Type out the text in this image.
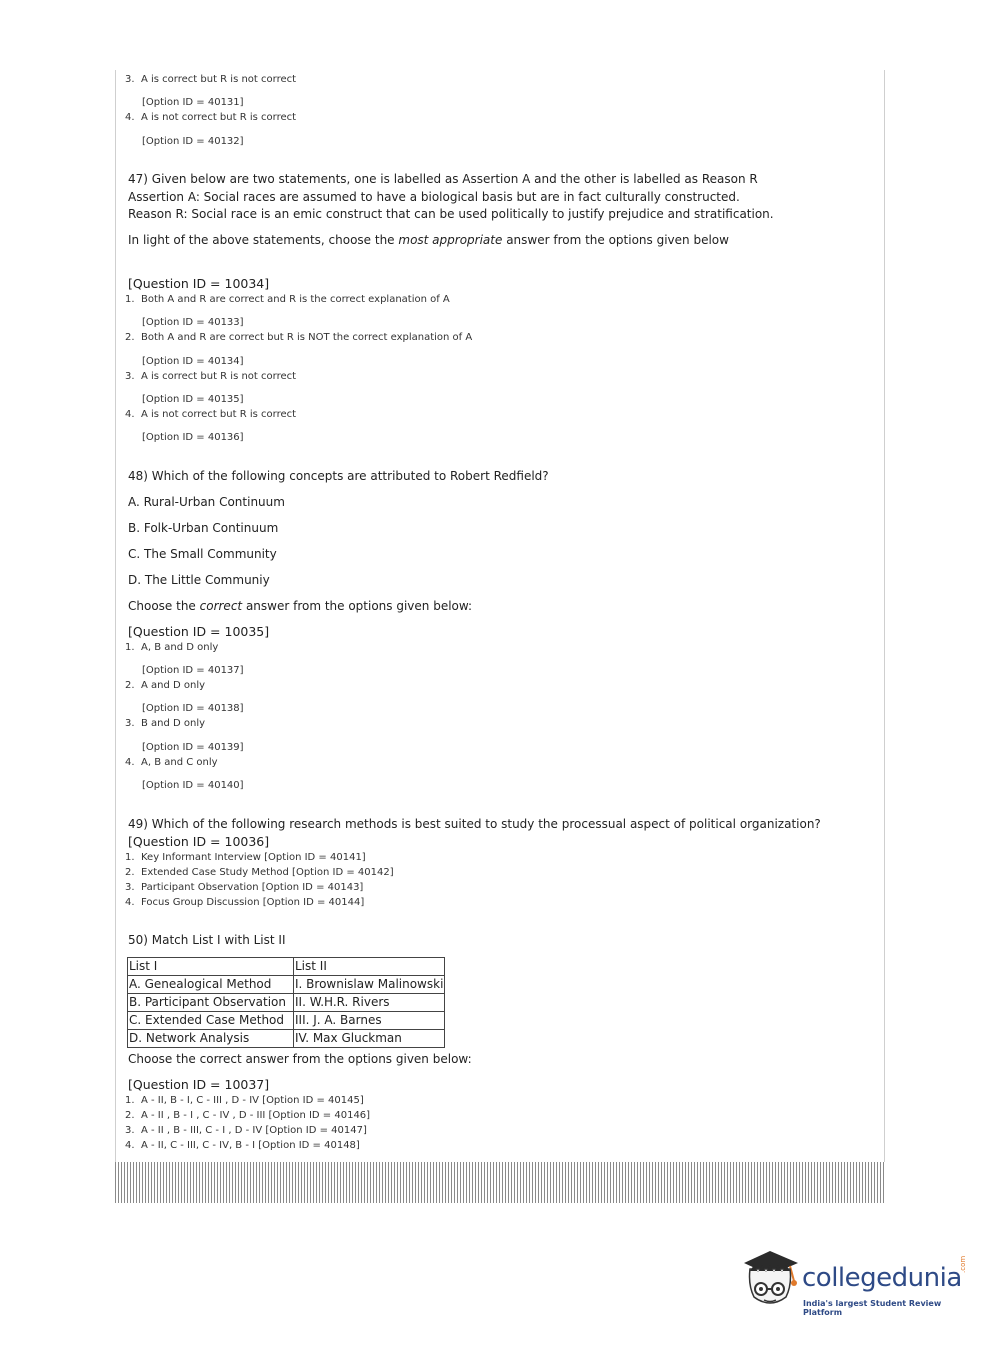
3. A is correct but R is not correct
[Option ID = 40131]
4. A is not correct but R is correct
[Option ID = 40132]
47) Given below are two statements, one is labelled as Assertion A and the other is labelled as Reason R
Assertion A: Social races are assumed to have a biological basis but are in fact culturally constructed.
Reason R: Social race is an emic construct that can be used politically to justify prejudice and stratification.
In light of the above statements, choose the most appropriate answer from the options given below
[Question ID = 10034]
1. Both A and R are correct and R is the correct explanation of A
[Option ID = 40133]
2. Both A and R are correct but R is NOT the correct explanation of A
[Option ID = 40134]
3. A is correct but R is not correct
[Option ID = 40135]
4. A is not correct but R is correct
[Option ID = 40136]
48) Which of the following concepts are attributed to Robert Redfield?
A. Rural-Urban Continuum
B. Folk-Urban Continuum
C. The Small Community
D. The Little Communiy
Choose the correct answer from the options given below:
[Question ID = 10035]
1. A, B and D only
[Option ID = 40137]
2. A and D only
[Option ID = 40138]
3. B and D only
[Option ID = 40139]
4. A, B and C only
[Option ID = 40140]
49) Which of the following research methods is best suited to study the processual aspect of political organization?
[Question ID = 10036]
1. Key Informant Interview [Option ID = 40141]
2. Extended Case Study Method [Option ID = 40142]
3. Participant Observation [Option ID = 40143]
4. Focus Group Discussion [Option ID = 40144]
50) Match List I with List II
List I	List II
A. Genealogical Method	I. Brownislaw Malinowski
B. Participant Observation	II. W.H.R. Rivers
C. Extended Case Method	III. J. A. Barnes
D. Network Analysis	IV. Max Gluckman
Choose the correct answer from the options given below:
[Question ID = 10037]
1. A - II, B - I, C - III , D - IV [Option ID = 40145]
2. A - II , B - I , C - IV , D - III [Option ID = 40146]
3. A - II , B - III, C - I , D - IV [Option ID = 40147]
4. A - II, C - III, C - IV, B - I [Option ID = 40148]
collegedunia
.com
India's largest Student Review Platform
